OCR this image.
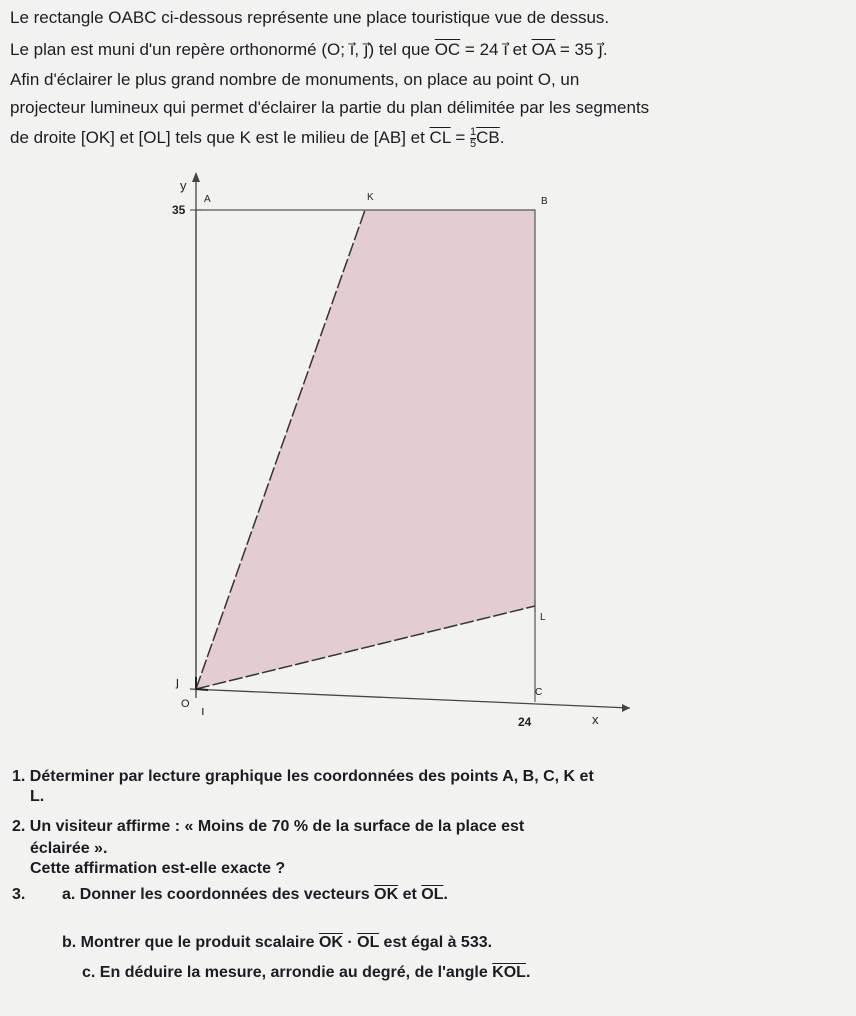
Le rectangle OABC ci-dessous représente une place touristique vue de dessus.
Le plan est muni d'un repère orthonormé (O; ı⃗, ȷ⃗) tel que $\overline{OC} = 24$ ı⃗ et $\overline{OA} = 35$ ȷ⃗.
Afin d'éclairer le plus grand nombre de monuments, on place au point O, un
projecteur lumineux qui permet d'éclairer la partie du plan délimitée par les segments
de droite [OK] et [OL] tels que K est le milieu de [AB] et $\overline{CL} = \frac{1}{5} \overline{CB}$.
y
x
35
24
A	K	B
L
C
O ı
ȷ
1. Déterminer par lecture graphique les coordonnées des points A, B, C, K et
L.
2. Un visiteur affirme : « Moins de 70 % de la surface de la place est
éclairée ».
Cette affirmation est-elle exacte ?
3. a. Donner les coordonnées des vecteurs $\overline{OK}$ et $\overline{OL}$.
b. Montrer que le produit scalaire $\overline{OK} \cdot \overline{OL}$ est égal à 533.
c. En déduire la mesure, arrondie au degré, de l'angle $\overline{KOL}$.
